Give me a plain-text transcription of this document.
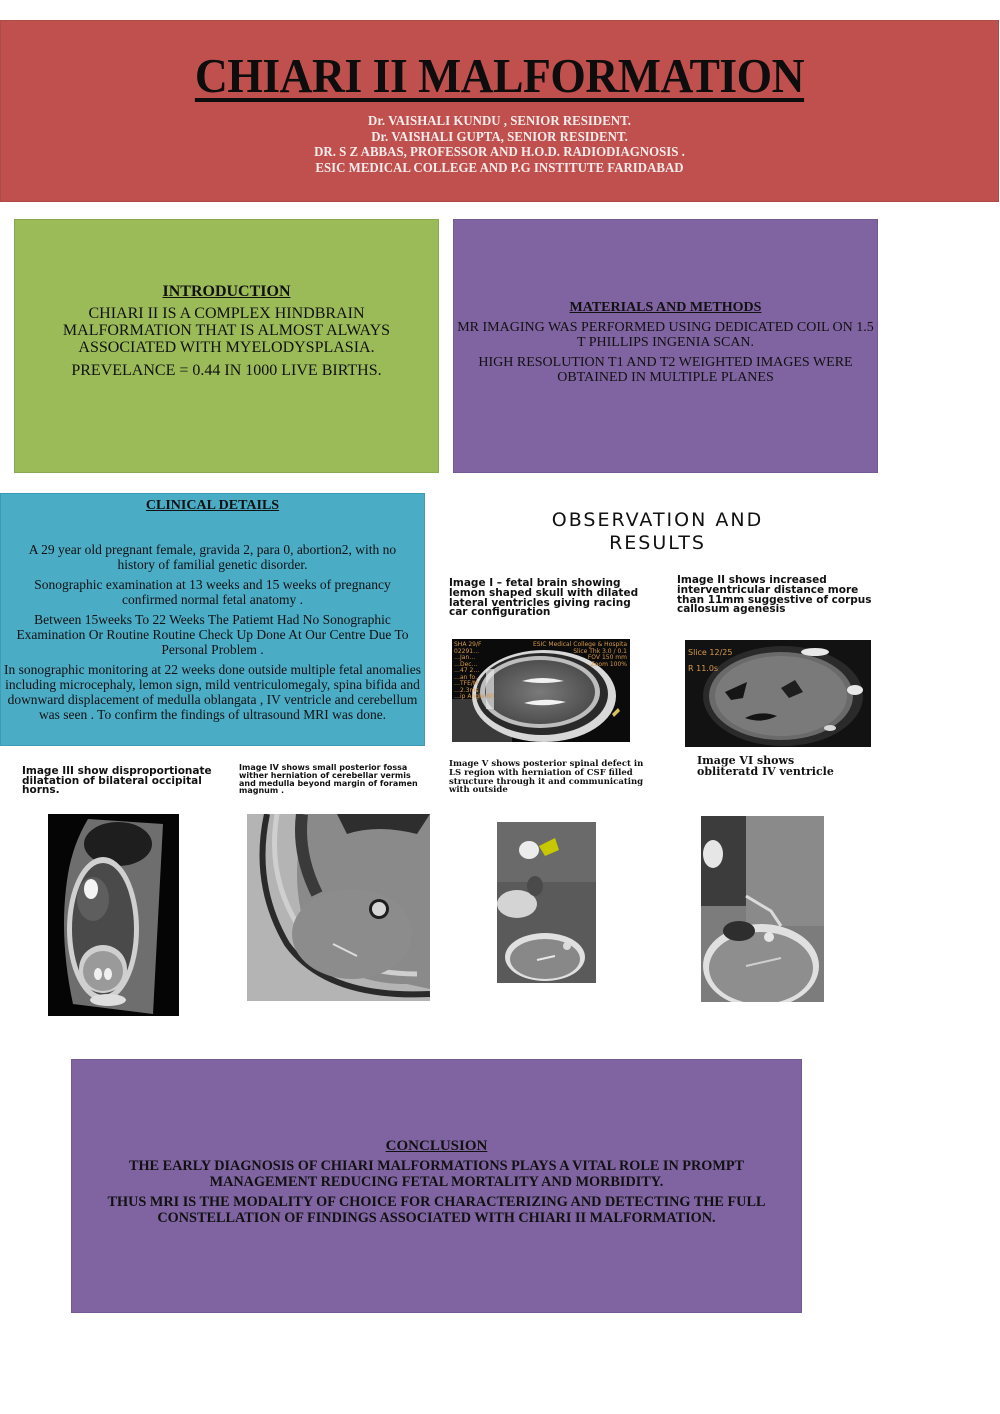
CHIARI II MALFORMATION
Dr. VAISHALI KUNDU , SENIOR RESIDENT.
Dr. VAISHALI GUPTA, SENIOR RESIDENT.
DR. S Z ABBAS, PROFESSOR AND H.O.D. RADIODIAGNOSIS .
ESIC MEDICAL COLLEGE AND P.G INSTITUTE FARIDABAD
INTRODUCTION

CHIARI II IS A COMPLEX HINDBRAIN MALFORMATION THAT IS ALMOST ALWAYS ASSOCIATED WITH MYELODYSPLASIA.

PREVELANCE = 0.44 IN 1000 LIVE BIRTHS.

MATERIALS AND METHODS

MR IMAGING WAS PERFORMED USING DEDICATED COIL ON 1.5 T PHILLIPS INGENIA SCAN.

HIGH RESOLUTION T1 AND T2 WEIGHTED IMAGES WERE OBTAINED IN MULTIPLE PLANES

CLINICAL DETAILS

A 29 year old pregnant female, gravida 2, para 0, abortion2, with no history of familial genetic disorder.

Sonographic examination at 13 weeks and 15 weeks of pregnancy confirmed normal fetal anatomy .

Between 15weeks To 22 Weeks The Patiemt Had No Sonographic Examination Or Routine Routine Check Up Done At Our Centre Due To Personal Problem .

In sonographic monitoring at 22 weeks done outside multiple fetal anomalies including microcephaly, lemon sign, mild ventriculomegaly, spina bifida and downward displacement of medulla oblangata , IV ventricle and cerebellum was seen . To confirm the findings of ultrasound MRI was done.

OBSERVATION AND
RESULTS
Image I – fetal brain showing lemon shaped skull with dilated lateral ventricles giving racing car configuration
Image II shows increased interventricular distance more than 11mm suggestive of corpus callosum agenesis
Image III show disproportionate dilatation of bilateral occipital horns.
Image IV shows small posterior fossa wither herniation of cerebellar vermis and medulla beyond margin of foramen magnum .
Image V shows posterior spinal defect in LS region with herniation of CSF filled structure through it and communicating with outside
Image VI shows obliteratd IV ventricle
SHA 29/F
02291…
…Jan…
…Dec…
…47 2…
…an fo…
…TFE/M
…2.3ms
…ip Angle 80
ESIC Medical College & Hospita
Slice Thk 3.0 / 0.1
FOV 150 mm
Zoom 100%
Slice 12/25
R 11.0s
CONCLUSION

THE EARLY DIAGNOSIS OF CHIARI MALFORMATIONS PLAYS A VITAL ROLE IN PROMPT MANAGEMENT REDUCING FETAL MORTALITY AND MORBIDITY.

THUS MRI IS THE MODALITY OF CHOICE FOR CHARACTERIZING AND DETECTING THE FULL CONSTELLATION OF FINDINGS ASSOCIATED WITH CHIARI II MALFORMATION.
